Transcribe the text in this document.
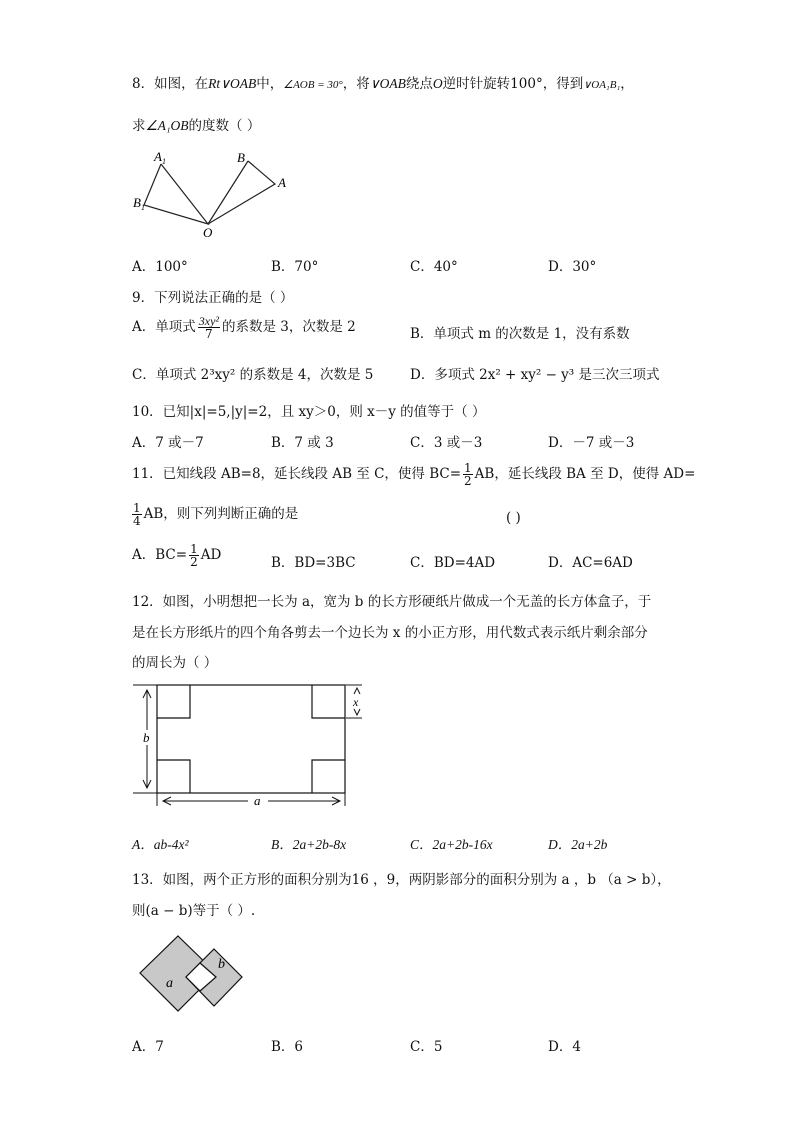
8．如图，在Rt∨OAB中，∠AOB = 30°，将∨OAB绕点O逆时针旋转100°，得到∨OA₁B₁，
求∠A₁OB的度数（ ）
$A_1$
$B_1$
B
A
O
A．100°	B．70°	C．40°	D．30°
9．下列说法正确的是（ ）
A．单项式 $\frac{\text{3xy²}}{7}$ 的系数是 3，次数是 2	B．单项式 m 的次数是 1，没有系数
C．单项式 2³xy² 的系数是 4，次数是 5	D．多项式 2x² + xy² − y³ 是三次三项式
10．已知|x|=5,|y|=2，且 xy＞0，则 x－y 的值等于（ ）
A．7 或－7	B．7 或 3	C．3 或－3	D．－7 或－3
11．已知线段 AB=8，延长线段 AB 至 C，使得 $BC= \frac{1}{2}$ AB，延长线段 BA 至 D，使得 AD=
$\frac{1}{4}$ AB，则下列判断正确的是	( )
A．$BC= \frac{1}{2}$ AD	B．BD=3BC	C．BD=4AD	D．AC=6AD
12．如图，小明想把一长为 a，宽为 b 的长方形硬纸片做成一个无盖的长方体盒子，于
是在长方形纸片的四个角各剪去一个边长为 x 的小正方形，用代数式表示纸片剩余部分
的周长为（ ）
b
a
x
A．ab-4x²	B．2a+2b-8x	C．2a+2b-16x	D．2a+2b
13．如图，两个正方形的面积分别为16 ，9，两阴影部分的面积分别为 a ，b （a > b），
则(a − b)等于（ ）.
a
b
A．7	B．6	C．5	D．4
